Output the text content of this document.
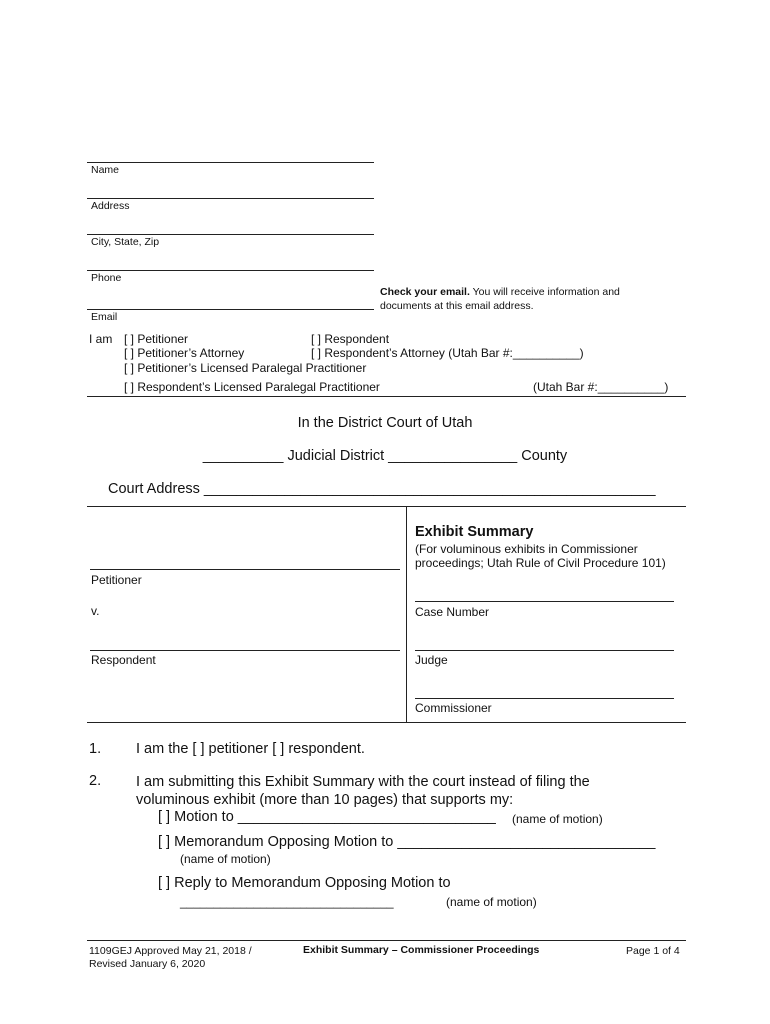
Name
Address
City, State, Zip
Phone
Check your email. You will receive information and
documents at this email address.
Email
I am [ ] Petitioner	[ ] Respondent
[ ] Petitioner’s Attorney	[ ] Respondent’s Attorney (Utah Bar #:__________)
[ ] Petitioner’s Licensed Paralegal Practitioner
[ ] Respondent’s Licensed Paralegal Practitioner	(Utah Bar #:__________)
In the District Court of Utah
__________ Judicial District ________________ County
Court Address ________________________________________________________
Petitioner
v.
Respondent
Exhibit Summary
(For voluminous exhibits in Commissioner
proceedings; Utah Rule of Civil Procedure 101)
Case Number
Judge
Commissioner
1. I am the [ ] petitioner [ ] respondent.
2. I am submitting this Exhibit Summary with the court instead of filing the
voluminous exhibit (more than 10 pages) that supports my:
[ ] Motion to ________________________________ (name of motion)
[ ] Memorandum Opposing Motion to ________________________________
(name of motion)
[ ] Reply to Memorandum Opposing Motion to
________________________________	(name of motion)
1109GEJ Approved May 21, 2018 /
Revised January 6, 2020
Exhibit Summary – Commissioner Proceedings	Page 1 of 4
